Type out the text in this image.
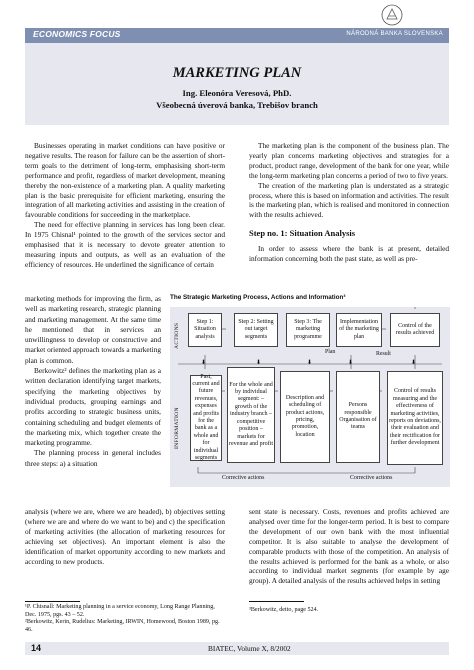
ECONOMICS FOCUS	NÁRODNÁ BANKA SLOVENSKA
MARKETING PLAN
Ing. Eleonóra Veresová, PhD.
Všeobecná úverová banka, Trebišov branch

Businesses operating in market conditions can have positive or negative results. The reason for failure can be the assertion of short-term goals to the detriment of long-term, emphasising short-term performance and profit, regardless of market development, meaning thereby the non-existence of a marketing plan. A quality marketing plan is the basic prerequisite for efficient marketing, ensuring the integration of all marketing activities and assisting in the creation of favourable conditions for succeeding in the marketplace.

The need for effective planning in services has long been clear. In 1975 Chisnal¹ pointed to the growth of the services sector and emphasised that it is necessary to devote greater attention to measuring inputs and outputs, as well as an evaluation of the efficiency of resources. He underlined the significance of certain

marketing methods for improving the firm, as well as marketing research, strategic planning and marketing management. At the same time he mentioned that in services an unwillingness to develop or constructive and market oriented approach towards a marketing plan is common.

Berkowitz² defines the marketing plan as a written declaration identifying target markets, specifying the marketing objectives by individual products, grouping earnings and profits according to strategic business units, containing scheduling and budget elements of the marketing mix, which together create the marketing programme.

The planning process in general includes three steps: a) a situation

The marketing plan is the component of the business plan. The yearly plan concerns marketing objectives and strategies for a product, product range, development of the bank for one year, while the long-term marketing plan concerns a period of two to five years.

The creation of the marketing plan is understated as a strategic process, where this is based on information and activities. The result is the marketing plan, which is realised and monitored in connection with the results achieved.

Step no. 1: Situation Analysis

In order to assess where the bank is at present, detailed information concerning both the past state, as well as pre-

The Strategic Marketing Process, Actions and Information³
ACTIONS
INFORMATION
Step 1: Situation analysis
Step 2: Setting out target segments
Step 3: The marketing programme
Implementation of the marketing plan
Control of the results achieved
Plan	Result
⬇	⬇	⬇	⬇	⬇
Past, current and future revenues, expenses and profits for the bank as a whole and for individual segments
For the whole and by individual segment: – growth of the industry branch – competitive position – markets for revenue and profit
Description and scheduling of product actions, pricing, promotion, location
Persons responsible Organisation of teams
Control of results measuring and the effectiveness of marketing activities, reports on deviations, their evaluation and their rectification for further development
Corrective actions	Corrective actions
analysis (where we are, where we are headed), b) objectives setting (where we are and where do we want to be) and c) the specification of marketing activities (the allocation of marketing resources for achieving set objectives). An important element is also the identification of market opportunity according to new markets and according to new products.
sent state is necessary. Costs, revenues and profits achieved are analysed over time for the longer-term period. It is best to compare the development of our own bank with the most influential competitor. It is also suitable to analyse the development of comparable products with those of the competition. An analysis of the results achieved is performed for the bank as a whole, or also according to individual market segments (for example by age group). A detailed analysis of the results achieved helps in setting
¹P. Chisnall: Marketing planning in a service economy, Long Range Planning, Dec. 1975, pgs. 43 – 52.
²Berkowitz, Kerin, Rudelius: Marketing, IRWIN, Homewood, Boston 1989, pg. 46.
³Berkowitz, detto, page 524.
14	BIATEC, Volume X, 8/2002
